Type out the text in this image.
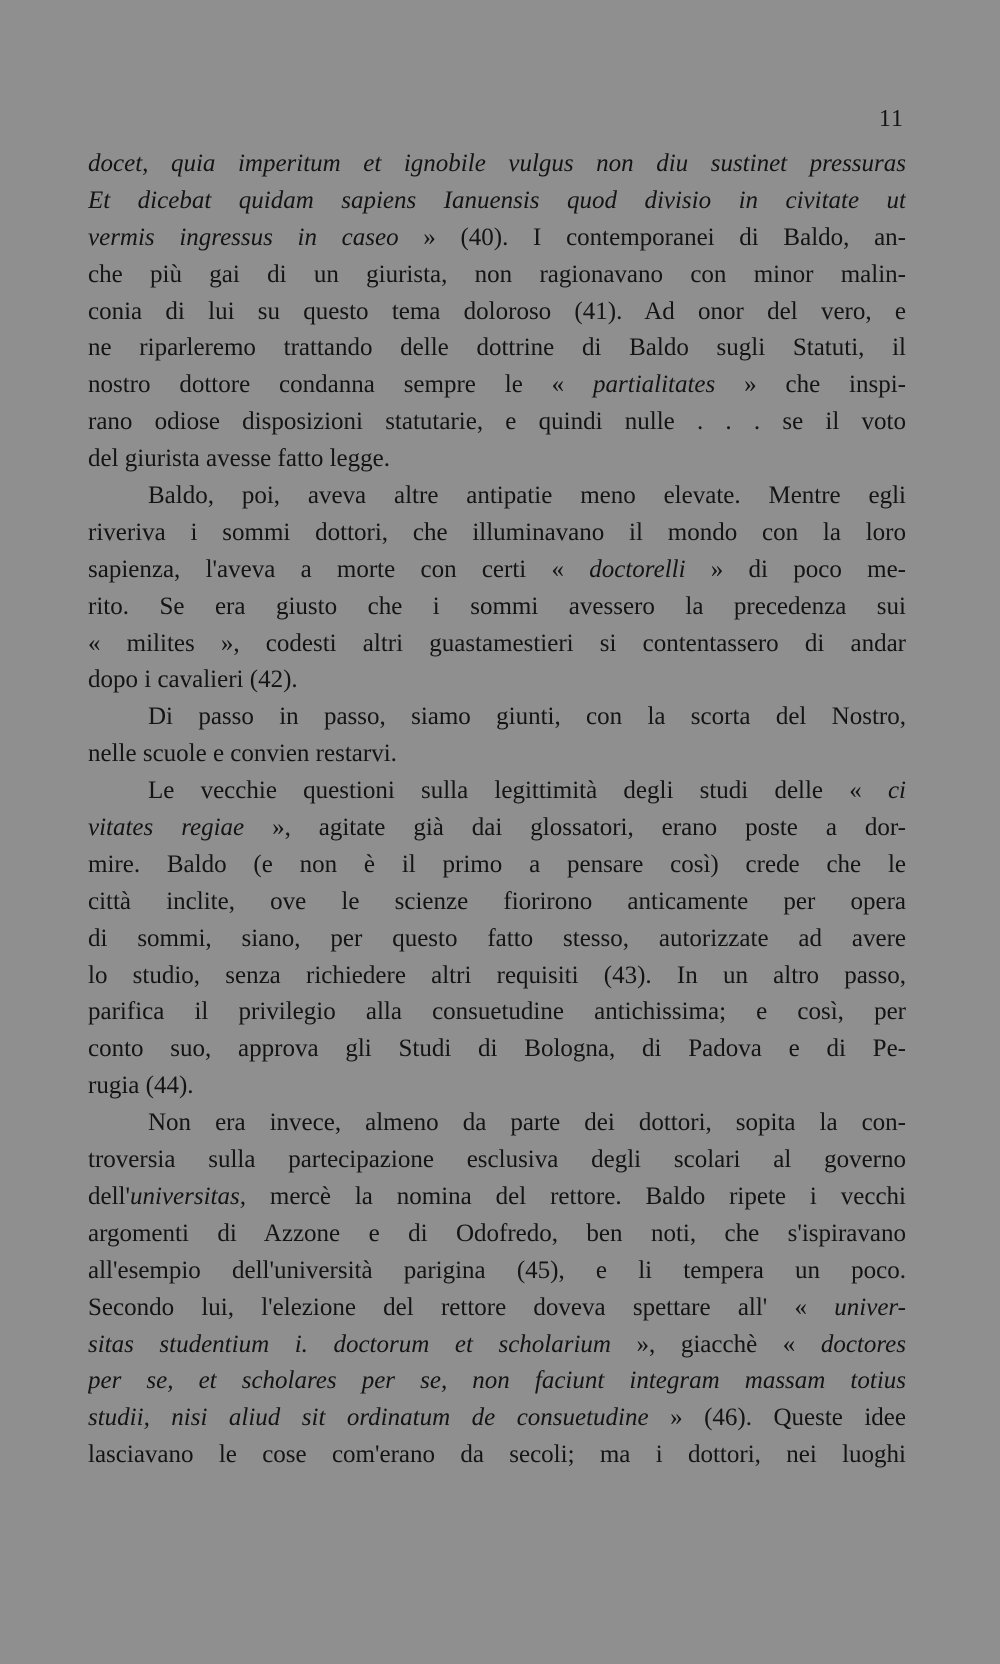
11
docet, quia imperitum et ignobile vulgus non diu sustinet pressuras
Et dicebat quidam sapiens Ianuensis quod divisio in civitate ut
vermis ingressus in caseo » (40). I contemporanei di Baldo, an-
che più gai di un giurista, non ragionavano con minor malin-
conia di lui su questo tema doloroso (41). Ad onor del vero, e
ne riparleremo trattando delle dottrine di Baldo sugli Statuti, il
nostro dottore condanna sempre le « partialitates » che inspi-
rano odiose disposizioni statutarie, e quindi nulle . . . se il voto
del giurista avesse fatto legge.
Baldo, poi, aveva altre antipatie meno elevate. Mentre egli
riveriva i sommi dottori, che illuminavano il mondo con la loro
sapienza, l'aveva a morte con certi « doctorelli » di poco me-
rito. Se era giusto che i sommi avessero la precedenza sui
« milites », codesti altri guastamestieri si contentassero di andar
dopo i cavalieri (42).
Di passo in passo, siamo giunti, con la scorta del Nostro,
nelle scuole e convien restarvi.
Le vecchie questioni sulla legittimità degli studi delle « ci
vitates regiae », agitate già dai glossatori, erano poste a dor-
mire. Baldo (e non è il primo a pensare così) crede che le
città inclite, ove le scienze fiorirono anticamente per opera
di sommi, siano, per questo fatto stesso, autorizzate ad avere
lo studio, senza richiedere altri requisiti (43). In un altro passo,
parifica il privilegio alla consuetudine antichissima; e così, per
conto suo, approva gli Studi di Bologna, di Padova e di Pe-
rugia (44).
Non era invece, almeno da parte dei dottori, sopita la con-
troversia sulla partecipazione esclusiva degli scolari al governo
dell'universitas, mercè la nomina del rettore. Baldo ripete i vecchi
argomenti di Azzone e di Odofredo, ben noti, che s'ispiravano
all'esempio dell'università parigina (45), e li tempera un poco.
Secondo lui, l'elezione del rettore doveva spettare all' « univer-
sitas studentium i. doctorum et scholarium », giacchè « doctores
per se, et scholares per se, non faciunt integram massam totius
studii, nisi aliud sit ordinatum de consuetudine » (46). Queste idee
lasciavano le cose com'erano da secoli; ma i dottori, nei luoghi
